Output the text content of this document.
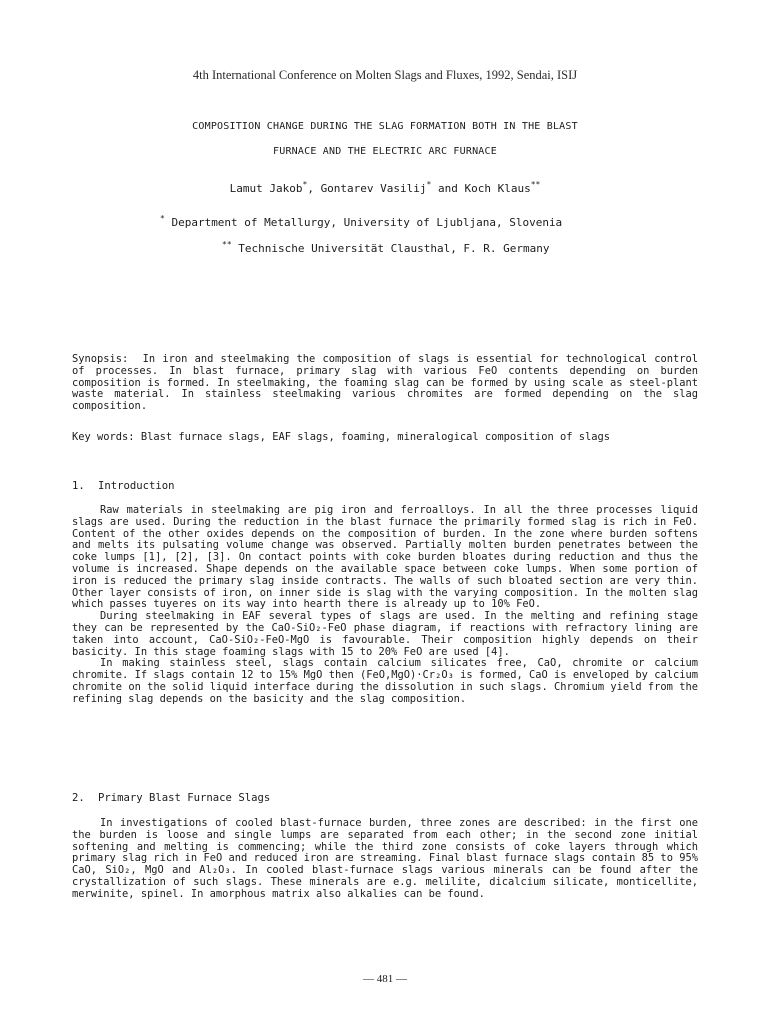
4th International Conference on Molten Slags and Fluxes, 1992, Sendai, ISIJ
COMPOSITION CHANGE DURING THE SLAG FORMATION BOTH IN THE BLAST
FURNACE AND THE ELECTRIC ARC FURNACE
Lamut Jakob*, Gontarev Vasilij* and Koch Klaus**
* Department of Metallurgy, University of Ljubljana, Slovenia
** Technische Universität Clausthal, F. R. Germany

Synopsis: In iron and steelmaking the composition of slags is essential for technological control of processes. In blast furnace, primary slag with various FeO contents depending on burden composition is formed. In steelmaking, the foaming slag can be formed by using scale as steel-plant waste material. In stainless steelmaking various chromites are formed depending on the slag composition.

Key words: Blast furnace slags, EAF slags, foaming, mineralogical composition of slags

1. Introduction

Raw materials in steelmaking are pig iron and ferroalloys. In all the three processes liquid slags are used. During the reduction in the blast furnace the primarily formed slag is rich in FeO. Content of the other oxides depends on the composition of burden. In the zone where burden softens and melts its pulsating volume change was observed. Partially molten burden penetrates between the coke lumps [1], [2], [3]. On contact points with coke burden bloates during reduction and thus the volume is increased. Shape depends on the available space between coke lumps. When some portion of iron is reduced the primary slag inside contracts. The walls of such bloated section are very thin. Other layer consists of iron, on inner side is slag with the varying composition. In the molten slag which passes tuyeres on its way into hearth there is already up to 10% FeO.

During steelmaking in EAF several types of slags are used. In the melting and refining stage they can be represented by the CaO-SiO₂-FeO phase diagram, if reactions with refractory lining are taken into account, CaO-SiO₂-FeO-MgO is favourable. Their composition highly depends on their basicity. In this stage foaming slags with 15 to 20% FeO are used [4].

In making stainless steel, slags contain calcium silicates free, CaO, chromite or calcium chromite. If slags contain 12 to 15% MgO then (FeO,MgO)·Cr₂O₃ is formed, CaO is enveloped by calcium chromite on the solid liquid interface during the dissolution in such slags. Chromium yield from the refining slag depends on the basicity and the slag composition.

2. Primary Blast Furnace Slags

In investigations of cooled blast-furnace burden, three zones are described: in the first one the burden is loose and single lumps are separated from each other; in the second zone initial softening and melting is commencing; while the third zone consists of coke layers through which primary slag rich in FeO and reduced iron are streaming. Final blast furnace slags contain 85 to 95% CaO, SiO₂, MgO and Al₂O₃. In cooled blast-furnace slags various minerals can be found after the crystallization of such slags. These minerals are e.g. melilite, dicalcium silicate, monticellite, merwinite, spinel. In amorphous matrix also alkalies can be found.

— 481 —
